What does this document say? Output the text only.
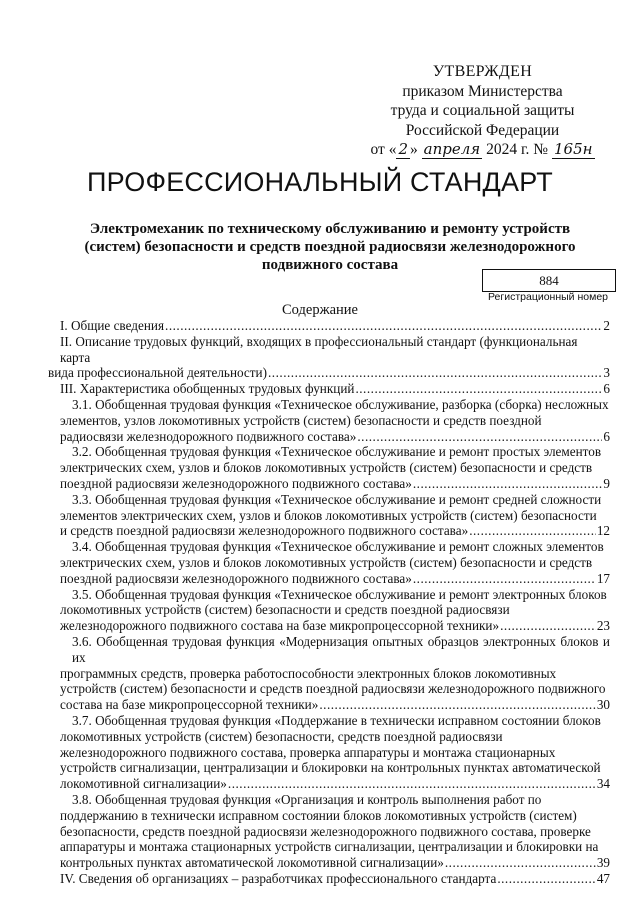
УТВЕРЖДЕН
приказом Министерства
труда и социальной защиты
Российской Федерации
от « 2 » апреля 2024 г. № 165н
ПРОФЕССИОНАЛЬНЫЙ СТАНДАРТ
Электромеханик по техническому обслуживанию и ремонту устройств (систем) безопасности и средств поездной радиосвязи железнодорожного подвижного состава
884
Регистрационный номер
Содержание
I. Общие сведения .....	2
II. Описание трудовых функций, входящих в профессиональный стандарт (функциональная карта
вида профессиональной деятельности) .....	3
III. Характеристика обобщенных трудовых функций .....	6
3.1. Обобщенная трудовая функция «Техническое обслуживание, разборка (сборка) несложных
элементов, узлов локомотивных устройств (систем) безопасности и средств поездной
радиосвязи железнодорожного подвижного состава» .....	6
3.2. Обобщенная трудовая функция «Техническое обслуживание и ремонт простых элементов
электрических схем, узлов и блоков локомотивных устройств (систем) безопасности и средств
поездной радиосвязи железнодорожного подвижного состава» .....	9
3.3. Обобщенная трудовая функция «Техническое обслуживание и ремонт средней сложности
элементов электрических схем, узлов и блоков локомотивных устройств (систем) безопасности
и средств поездной радиосвязи железнодорожного подвижного состава» .....	12
3.4. Обобщенная трудовая функция «Техническое обслуживание и ремонт сложных элементов
электрических схем, узлов и блоков локомотивных устройств (систем) безопасности и средств
поездной радиосвязи железнодорожного подвижного состава» .....	17
3.5. Обобщенная трудовая функция «Техническое обслуживание и ремонт электронных блоков
локомотивных устройств (систем) безопасности и средств поездной радиосвязи
железнодорожного подвижного состава на базе микропроцессорной техники» .....	23
3.6. Обобщенная трудовая функция «Модернизация опытных образцов электронных блоков и их
программных средств, проверка работоспособности электронных блоков локомотивных
устройств (систем) безопасности и средств поездной радиосвязи железнодорожного подвижного
состава на базе микропроцессорной техники» .....	30
3.7. Обобщенная трудовая функция «Поддержание в технически исправном состоянии блоков
локомотивных устройств (систем) безопасности, средств поездной радиосвязи
железнодорожного подвижного состава, проверка аппаратуры и монтажа стационарных
устройств сигнализации, централизации и блокировки на контрольных пунктах автоматической
локомотивной сигнализации» .....	34
3.8. Обобщенная трудовая функция «Организация и контроль выполнения работ по
поддержанию в технически исправном состоянии блоков локомотивных устройств (систем)
безопасности, средств поездной радиосвязи железнодорожного подвижного состава, проверке
аппаратуры и монтажа стационарных устройств сигнализации, централизации и блокировки на
контрольных пунктах автоматической локомотивной сигнализации» .....	39
IV. Сведения об организациях – разработчиках профессионального стандарта .....	47
